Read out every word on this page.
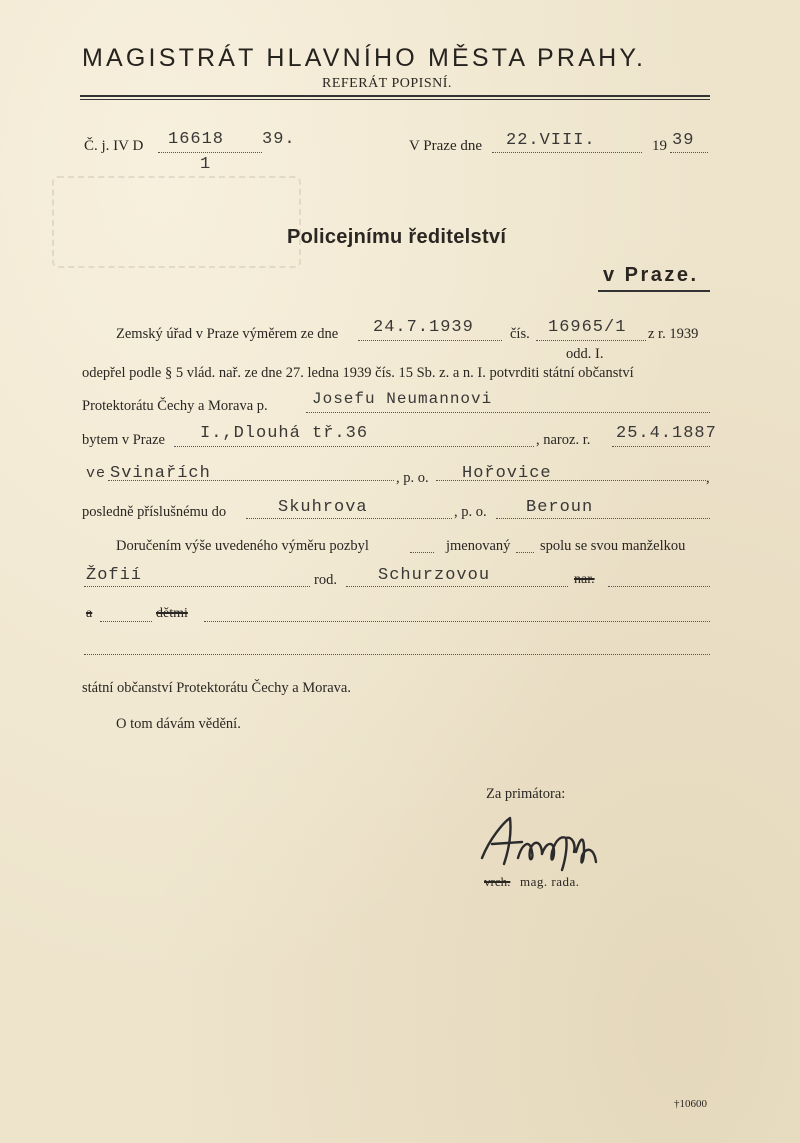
MAGISTRÁT HLAVNÍHO MĚSTA PRAHY.
REFERÁT POPISNÍ.
Č. j. IV D 16618 39.
1
V Praze dne 22.VIII.	19 39
Policejnímu ředitelství
v Praze.
Zemský úřad v Praze výměrem ze dne 24.7.1939 čís. 16965/1 z r. 1939
odd. I.
odepřel podle § 5 vlád. nař. ze dne 27. ledna 1939 čís. 15 Sb. z. a n. I. potvrditi státní občanství
Protektorátu Čechy a Morava p.	Josefu Neumannovi
bytem v Praze I.,Dlouhá tř.36	, naroz. r. 25.4.1887
ve Svinařích	, p. o. Hořovice	,
posledně příslušnému do	Skuhrova	, p. o. Beroun
Doručením výše uvedeného výměru pozbyl	jmenovaný spolu se svou manželkou
Žofií	rod. Schurzovou	nar.
a	dětmi
státní občanství Protektorátu Čechy a Morava.
O tom dávám vědění.
Za primátora:
vrch. mag. rada.
†10600
